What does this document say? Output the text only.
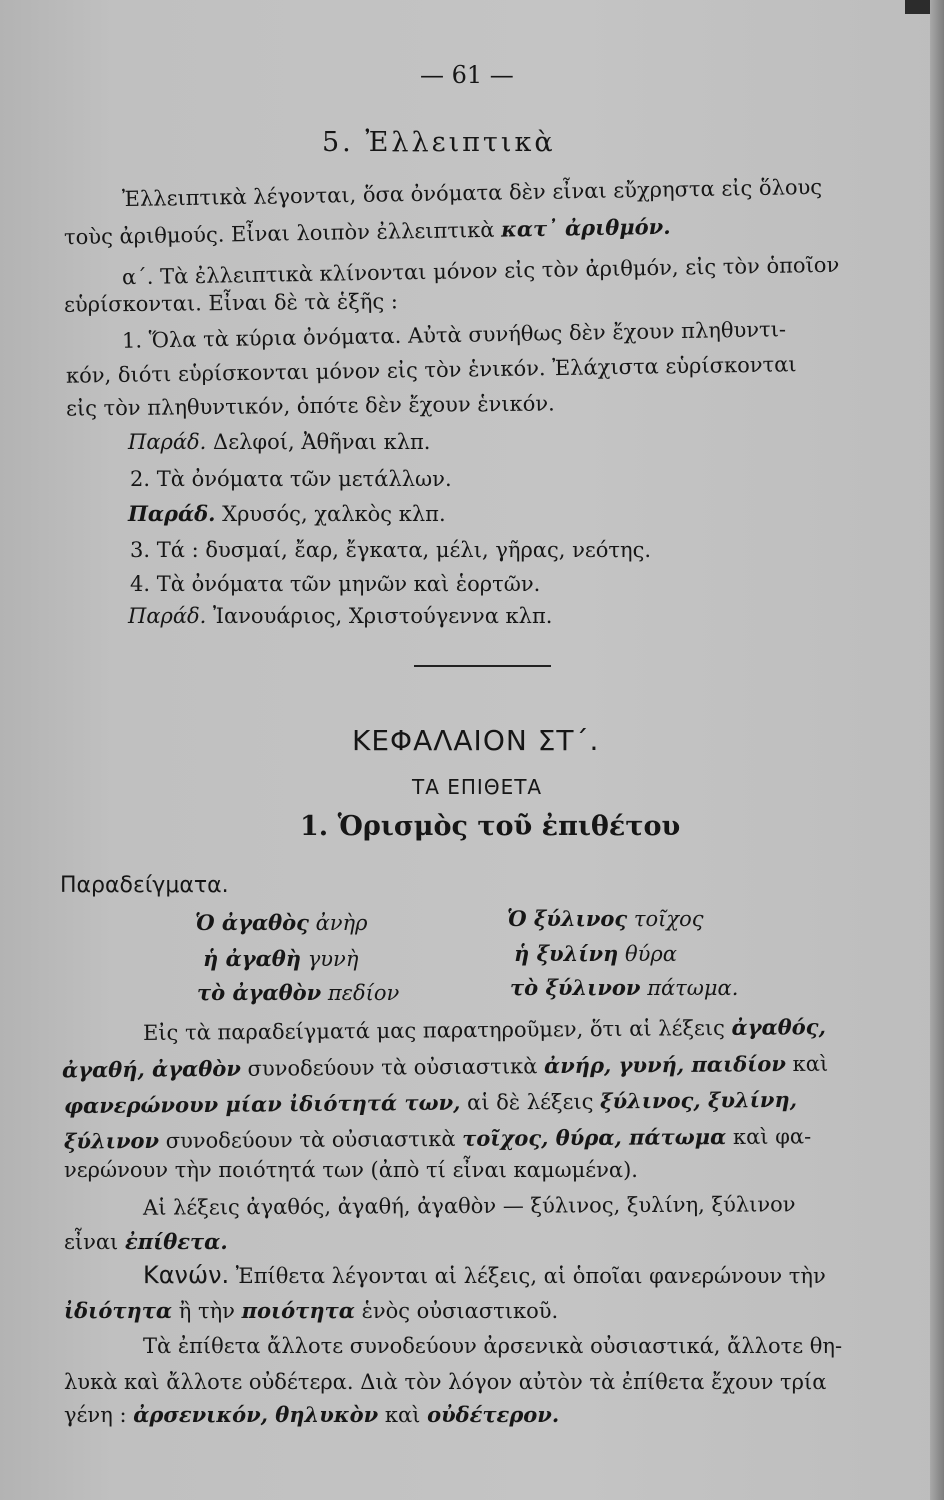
— 61 —

5. Ἐλλειπτικὰ

Ἐλλειπτικὰ λέγονται, ὅσα ὀνόματα δὲν εἶναι εὔχρηστα εἰς ὅλους

τοὺς ἀριθμούς. Εἶναι λοιπὸν ἐλλειπτικὰ κατ᾿ ἀριθμόν.

α΄. Τὰ ἐλλειπτικὰ κλίνονται μόνον εἰς τὸν ἀριθμόν, εἰς τὸν ὁποῖον

εὑρίσκονται. Εἶναι δὲ τὰ ἑξῆς :

1. Ὅλα τὰ κύρια ὀνόματα. Αὐτὰ συνήθως δὲν ἔχουν πληθυντι-

κόν, διότι εὑρίσκονται μόνον εἰς τὸν ἑνικόν. Ἐλάχιστα εὑρίσκονται

εἰς τὸν πληθυντικόν, ὁπότε δὲν ἔχουν ἑνικόν.

Παράδ. Δελφοί, Ἀθῆναι κλπ.

2. Τὰ ὀνόματα τῶν μετάλλων.

Παράδ. Χρυσός, χαλκὸς κλπ.

3. Τά : δυσμαί, ἔαρ, ἔγκατα, μέλι, γῆρας, νεότης.

4. Τὰ ὀνόματα τῶν μηνῶν καὶ ἑορτῶν.

Παράδ. Ἰανουάριος, Χριστούγεννα κλπ.

ΚΕΦΑΛΑΙΟΝ ΣΤ΄.

ΤΑ ΕΠΙΘΕΤΑ

1. Ὁρισμὸς τοῦ ἐπιθέτου

Παραδείγματα.

Ὁ ἀγαθὸς ἀνὴρ

ἡ ἀγαθὴ γυνὴ

τὸ ἀγαθὸν πεδίον

Ὁ ξύλινος τοῖχος

ἡ ξυλίνη θύρα

τὸ ξύλινον πάτωμα.

Εἰς τὰ παραδείγματά μας παρατηροῦμεν, ὅτι αἱ λέξεις ἀγαθός,

ἀγαθή, ἀγαθὸν συνοδεύουν τὰ οὐσιαστικὰ ἀνήρ, γυνή, παιδίον καὶ

φανερώνουν μίαν ἰδιότητά των, αἱ δὲ λέξεις ξύλινος, ξυλίνη,

ξύλινον συνοδεύουν τὰ οὐσιαστικὰ τοῖχος, θύρα, πάτωμα καὶ φα-

νερώνουν τὴν ποιότητά των (ἀπὸ τί εἶναι καμωμένα).

Αἱ λέξεις ἀγαθός, ἀγαθή, ἀγαθὸν — ξύλινος, ξυλίνη, ξύλινον

εἶναι ἐπίθετα.

Κανών. Ἐπίθετα λέγονται αἱ λέξεις, αἱ ὁποῖαι φανερώνουν τὴν

ἰδιότητα ἢ τὴν ποιότητα ἑνὸς οὐσιαστικοῦ.

Τὰ ἐπίθετα ἄλλοτε συνοδεύουν ἀρσενικὰ οὐσιαστικά, ἄλλοτε θη-

λυκὰ καὶ ἄλλοτε οὐδέτερα. Διὰ τὸν λόγον αὐτὸν τὰ ἐπίθετα ἔχουν τρία

γένη : ἀρσενικόν, θηλυκὸν καὶ οὐδέτερον.
